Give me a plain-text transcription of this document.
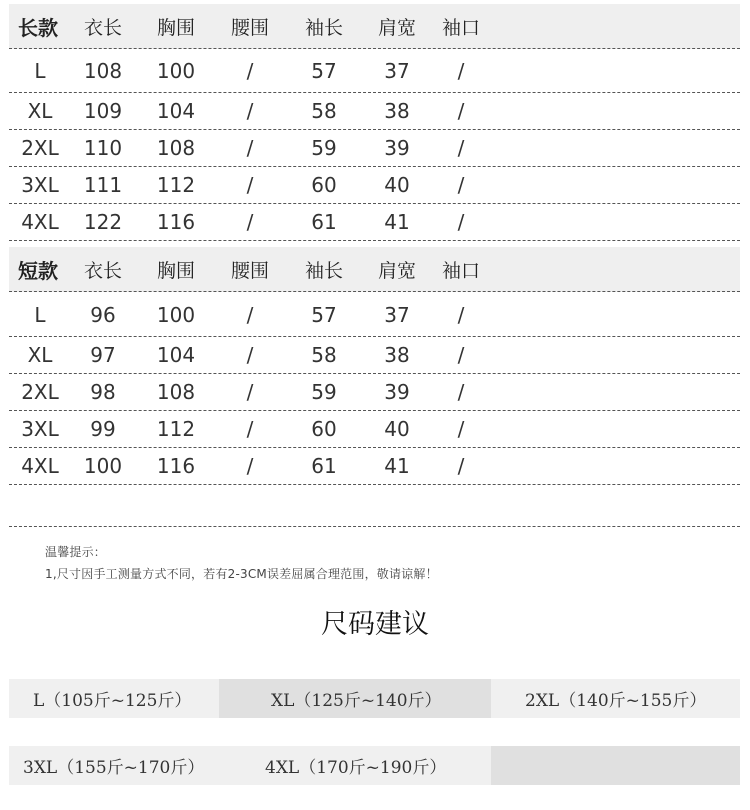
长款	衣长	胸围	腰围	袖长	肩宽	袖口
L	108	100	/	57	37	/
XL	109	104	/	58	38	/
2XL	110	108	/	59	39	/
3XL	111	112	/	60	40	/
4XL	122	116	/	61	41	/
短款	衣长	胸围	腰围	袖长	肩宽	袖口
L	96	100	/	57	37	/
XL	97	104	/	58	38	/
2XL	98	108	/	59	39	/
3XL	99	112	/	60	40	/
4XL	100	116	/	61	41	/
温馨提示：
1,尺寸因手工测量方式不同，若有2-3CM误差屈属合理范围，敬请谅解！
尺码建议
L（105斤~125斤）	XL（125斤~140斤）	2XL（140斤~155斤）
3XL（155斤~170斤）	4XL（170斤~190斤）
